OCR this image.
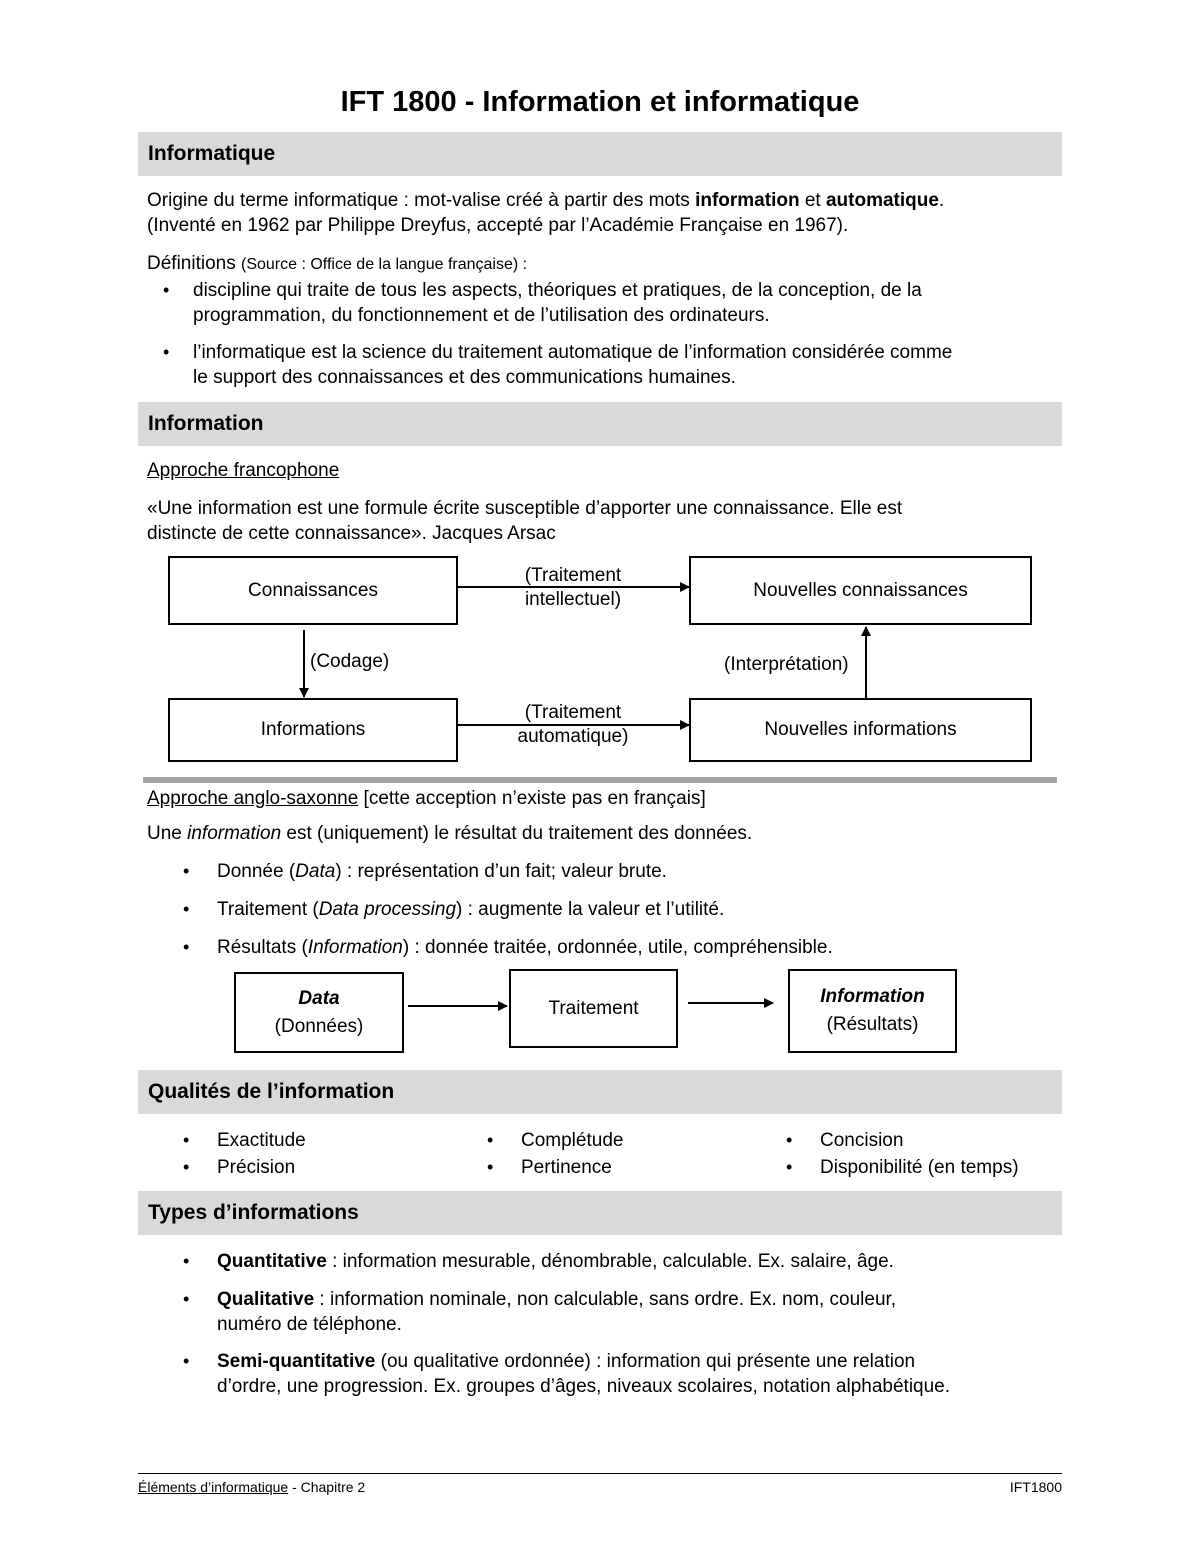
IFT 1800 - Information et informatique
Informatique
Origine du terme informatique : mot-valise créé à partir des mots information et automatique.
(Inventé en 1962 par Philippe Dreyfus, accepté par l’Académie Française en 1967).
Définitions (Source : Office de la langue française) :
• discipline qui traite de tous les aspects, théoriques et pratiques, de la conception, de la
programmation, du fonctionnement et de l’utilisation des ordinateurs.
• l’informatique est la science du traitement automatique de l’information considérée comme
le support des connaissances et des communications humaines.
Information
Approche francophone
«Une information est une formule écrite susceptible d’apporter une connaissance. Elle est
distincte de cette connaissance». Jacques Arsac
Connaissances	Nouvelles connaissances
Informations	Nouvelles informations
(Traitement
intellectuel)
(Codage)	(Interprétation)
(Traitement
automatique)
Approche anglo-saxonne [cette acception n’existe pas en français]
Une information est (uniquement) le résultat du traitement des données.
• Donnée (Data) : représentation d’un fait; valeur brute.
• Traitement (Data processing) : augmente la valeur et l’utilité.
• Résultats (Information) : donnée traitée, ordonnée, utile, compréhensible.
Data
(Données)
Traitement
Information
(Résultats)
Qualités de l’information
• Exactitude
• Précision
• Complétude
• Pertinence
• Concision
• Disponibilité (en temps)
Types d’informations
• Quantitative : information mesurable, dénombrable, calculable. Ex. salaire, âge.
• Qualitative : information nominale, non calculable, sans ordre. Ex. nom, couleur,
numéro de téléphone.
• Semi-quantitative (ou qualitative ordonnée) : information qui présente une relation
d’ordre, une progression. Ex. groupes d’âges, niveaux scolaires, notation alphabétique.
Éléments d’informatique - Chapitre 2	IFT1800
